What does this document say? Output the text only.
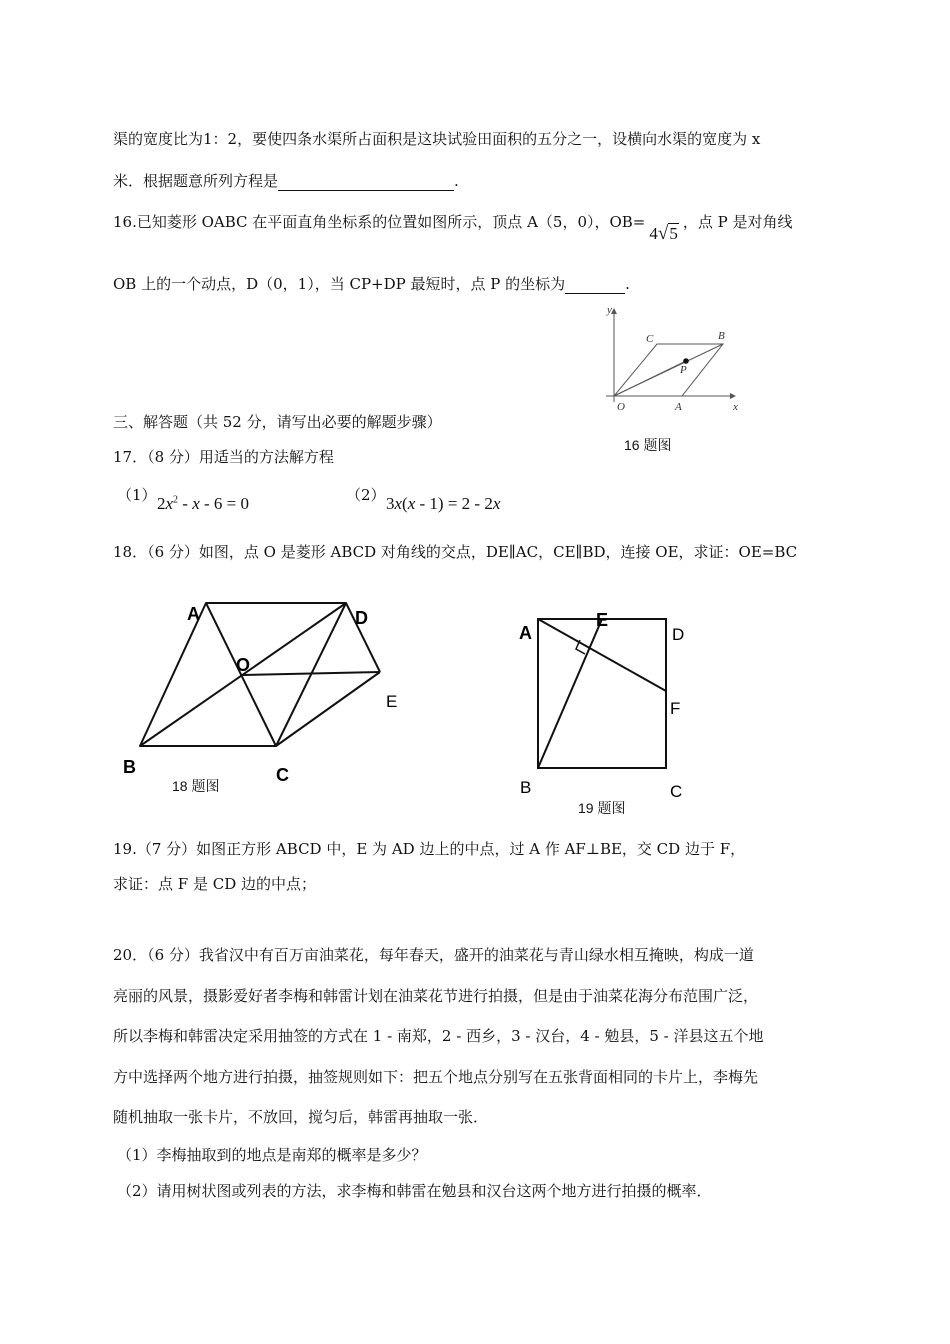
渠的宽度比为1：2，要使四条水渠所占面积是这块试验田面积的五分之一，设横向水渠的宽度为 x
米．根据题意所列方程是	.
16.已知菱形 OABC 在平面直角坐标系的位置如图所示，顶点 A（5，0），OB=4√5，点 P 是对角线
OB 上的一个动点，D（0，1），当 CP+DP 最短时，点 P 的坐标为	.
y
x
O	A
B
C
P
16 题图
三、解答题（共 52 分，请写出必要的解题步骤）
17．（8 分）用适当的方法解方程
（1） $2x^2 - x - 6 = 0$	（2） 3x(x - 1) = 2 - 2x
18．（6 分）如图，点 O 是菱形 ABCD 对角线的交点，DE∥AC，CE∥BD，连接 OE，求证：OE=BC
A	D
O
E
B	C
18 题图
A
E
D
F
B	C
19 题图
19.（7 分）如图正方形 ABCD 中，E 为 AD 边上的中点，过 A 作 AF⊥BE，交 CD 边于 F，
求证：点 F 是 CD 边的中点；
20．（6 分）我省汉中有百万亩油菜花，每年春天，盛开的油菜花与青山绿水相互掩映，构成一道
亮丽的风景，摄影爱好者李梅和韩雷计划在油菜花节进行拍摄，但是由于油菜花海分布范围广泛，
所以李梅和韩雷决定采用抽签的方式在 1 - 南郑，2 - 西乡，3 - 汉台，4 - 勉县，5 - 洋县这五个地
方中选择两个地方进行拍摄，抽签规则如下：把五个地点分别写在五张背面相同的卡片上，李梅先
随机抽取一张卡片，不放回，搅匀后，韩雷再抽取一张．
（1）李梅抽取到的地点是南郑的概率是多少？
（2）请用树状图或列表的方法，求李梅和韩雷在勉县和汉台这两个地方进行拍摄的概率．
